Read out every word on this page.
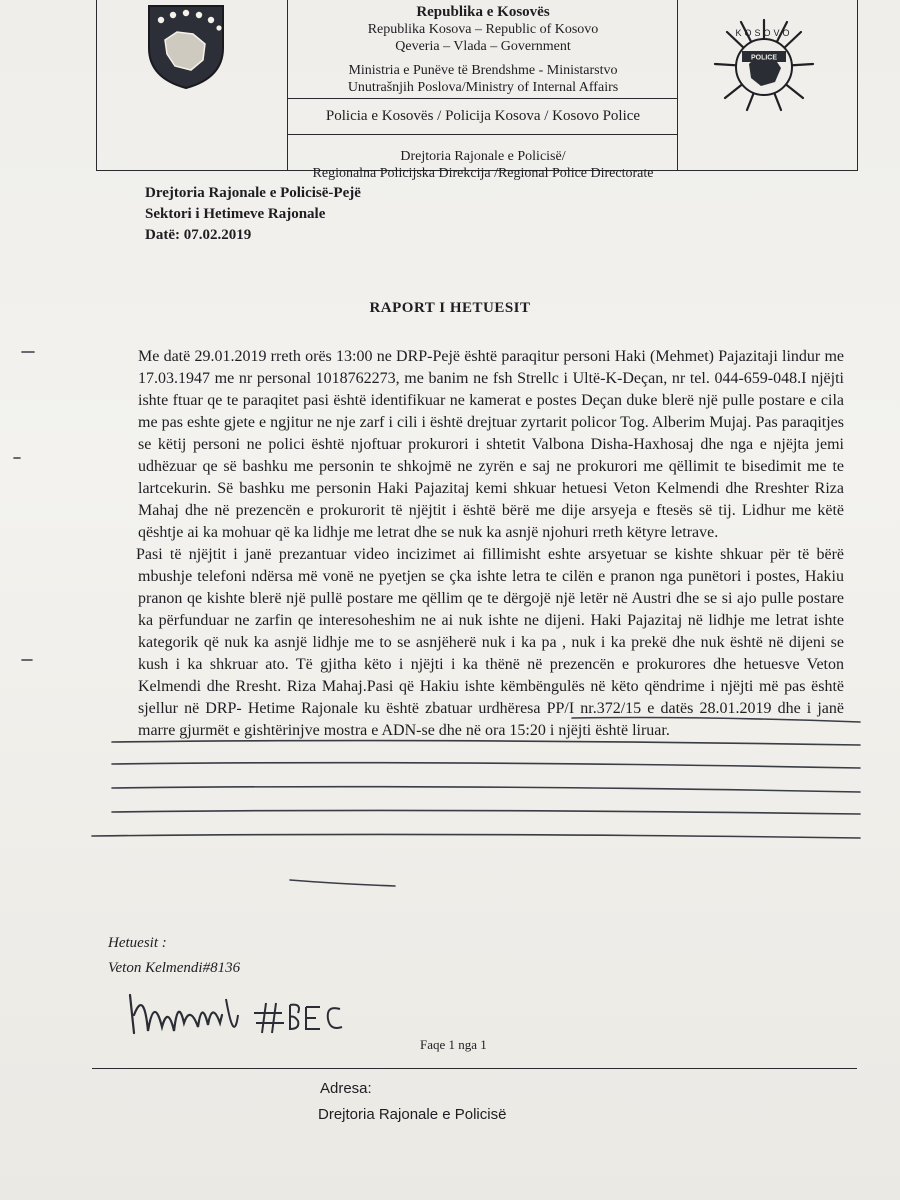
Republika e Kosovës
Republika Kosova – Republic of Kosovo
Qeveria – Vlada – Government
Ministria e Punëve të Brendshme - Ministarstvo
Unutrašnjih Poslova/Ministry of Internal Affairs
Policia e Kosovës / Policija Kosova / Kosovo Police
Drejtoria Rajonale e Policisë/
Regionalna Policijska Direkcija /Regional Police Directorate
POLICE
KOSOVO
Drejtoria Rajonale e Policisë-Pejë
Sektori i Hetimeve Rajonale
Datë: 07.02.2019
RAPORT I HETUESIT

Me datë 29.01.2019 rreth orës 13:00 ne DRP-Pejë është paraqitur personi Haki (Mehmet) Pajazitaji lindur me 17.03.1947 me nr personal 1018762273, me banim ne fsh Strellc i Ultë-K-Deçan, nr tel. 044-659-048.I njëjti ishte ftuar qe te paraqitet pasi është identifikuar ne kamerat e postes Deçan duke blerë një pulle postare e cila me pas eshte gjete e ngjitur ne nje zarf i cili i është drejtuar zyrtarit policor Tog. Alberim Mujaj. Pas paraqitjes se këtij personi ne polici është njoftuar prokurori i shtetit Valbona Disha-Haxhosaj dhe nga e njëjta jemi udhëzuar qe së bashku me personin te shkojmë ne zyrën e saj ne prokurori me qëllimit te bisedimit me te lartcekurin. Së bashku me personin Haki Pajazitaj kemi shkuar hetuesi Veton Kelmendi dhe Rreshter Riza Mahaj dhe në prezencën e prokurorit të njëjtit i është bërë me dije arsyeja e ftesës së tij. Lidhur me këtë qështje ai ka mohuar që ka lidhje me letrat dhe se nuk ka asnjë njohuri rreth këtyre letrave.

Pasi të njëjtit i janë prezantuar video incizimet ai fillimisht eshte arsyetuar se kishte shkuar për të bërë mbushje telefoni ndërsa më vonë ne pyetjen se çka ishte letra te cilën e pranon nga punëtori i postes, Hakiu pranon qe kishte blerë një pullë postare me qëllim qe te dërgojë një letër në Austri dhe se si ajo pulle postare ka përfunduar ne zarfin qe interesoheshim ne ai nuk ishte ne dijeni. Haki Pajazitaj në lidhje me letrat ishte kategorik që nuk ka asnjë lidhje me to se asnjëherë nuk i ka pa , nuk i ka prekë dhe nuk është në dijeni se kush i ka shkruar ato. Të gjitha këto i njëjti i ka thënë në prezencën e prokurores dhe hetuesve Veton Kelmendi dhe Rresht. Riza Mahaj.Pasi që Hakiu ishte këmbëngulës në këto qëndrime i njëjti më pas është sjellur në DRP- Hetime Rajonale ku është zbatuar urdhëresa PP/I nr.372/15 e datës 28.01.2019 dhe i janë marre gjurmët e gishtërinjve mostra e ADN-se dhe në ora 15:20 i njëjti është liruar.

Hetuesit :
Veton Kelmendi#8136
Faqe 1 nga 1
Adresa:
Drejtoria Rajonale e Policisë
